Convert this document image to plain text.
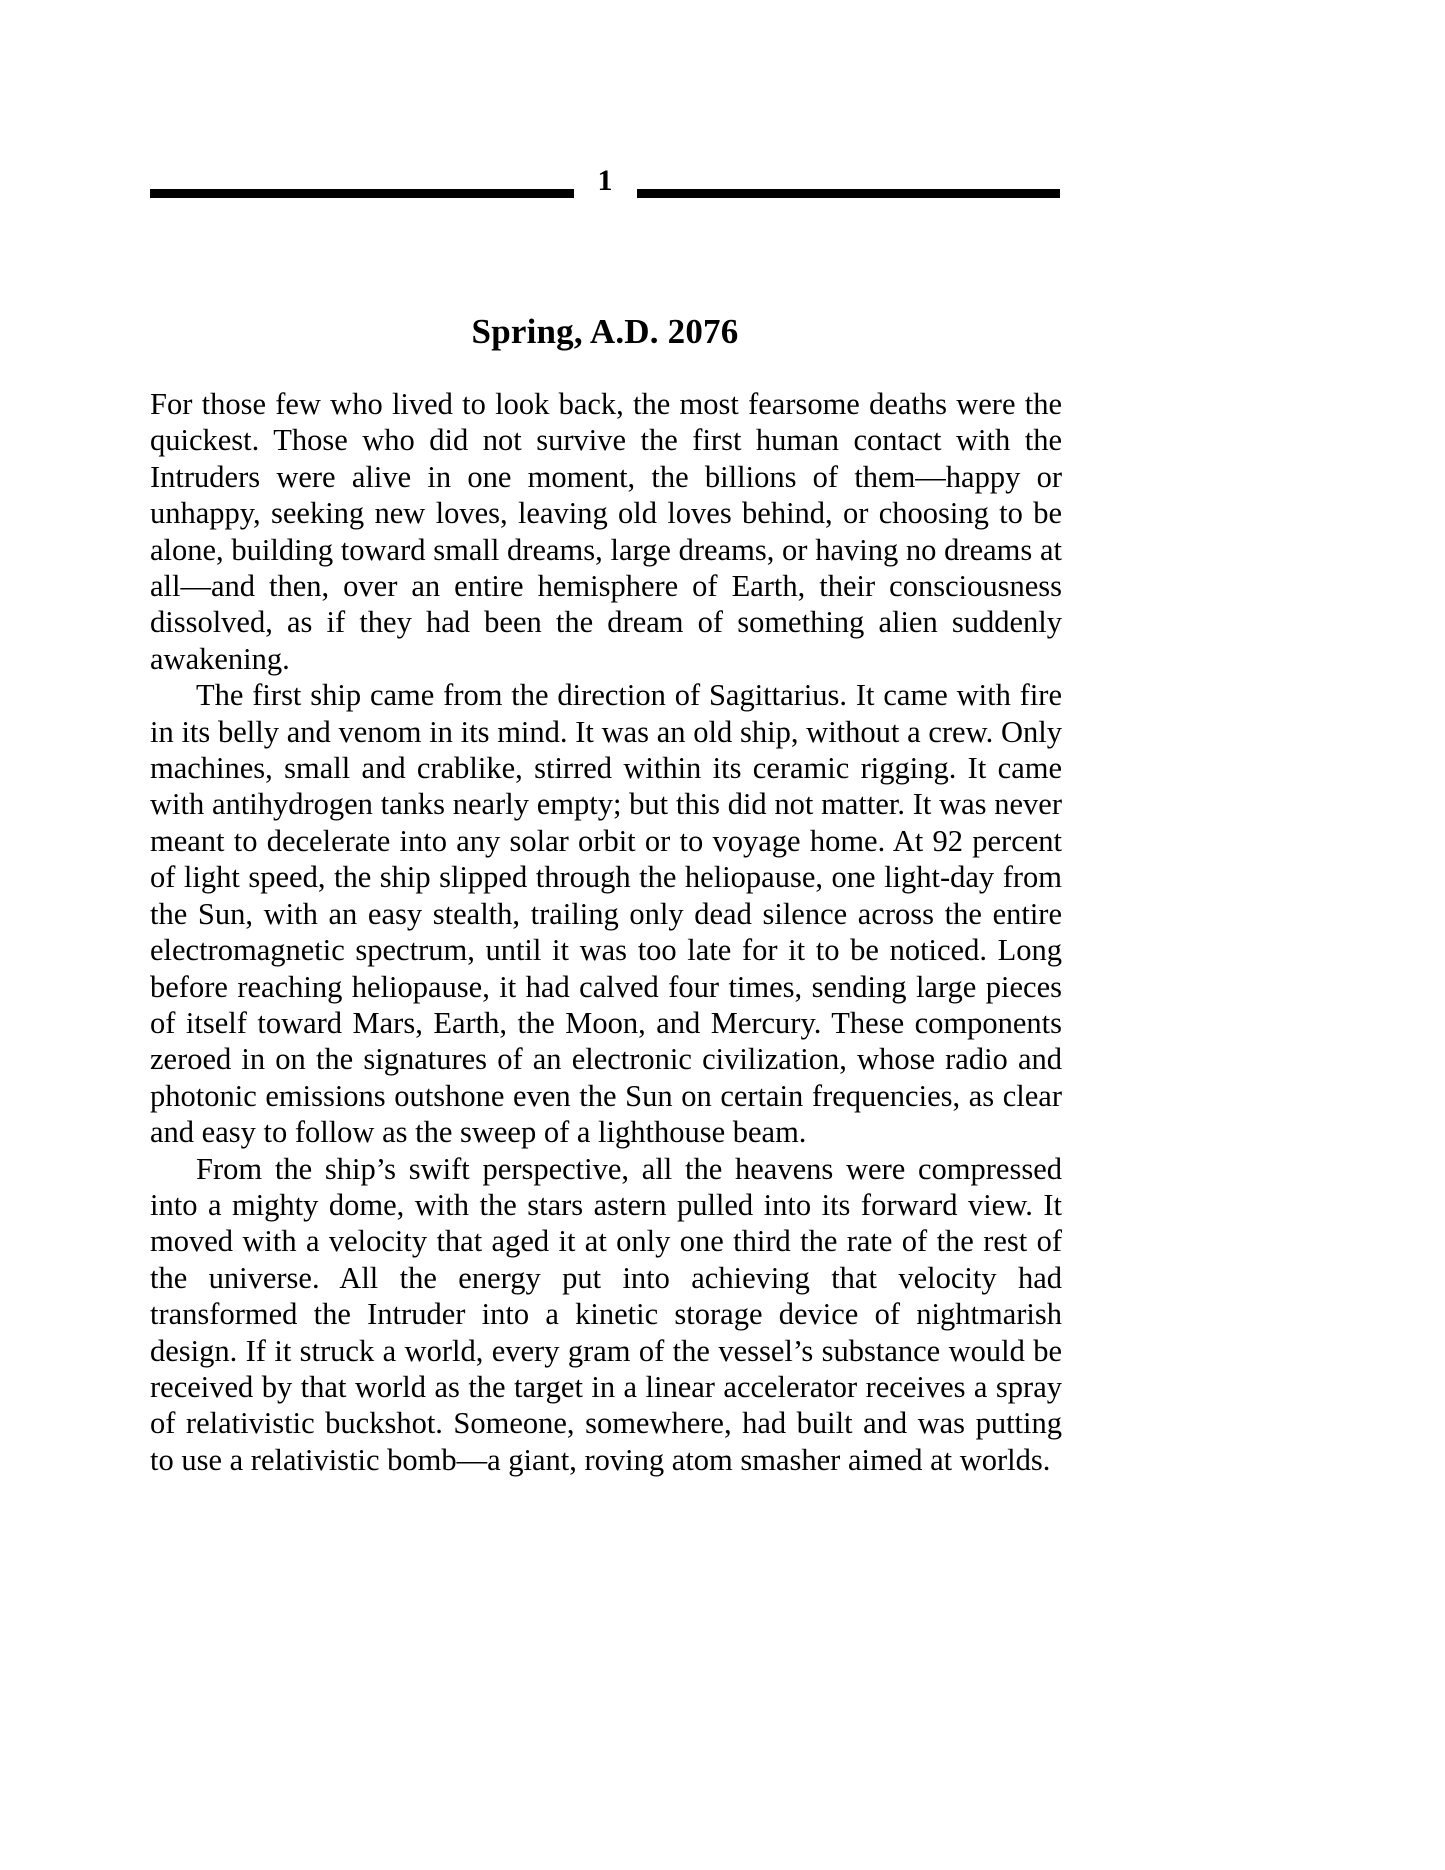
1
Spring, A.D. 2076

For those few who lived to look back, the most fearsome deaths were the quickest. Those who did not survive the first human contact with the Intruders were alive in one moment, the billions of them—happy or unhappy, seeking new loves, leaving old loves behind, or choosing to be alone, building toward small dreams, large dreams, or having no dreams at all—and then, over an entire hemisphere of Earth, their consciousness dissolved, as if they had been the dream of something alien suddenly awakening.

The first ship came from the direction of Sagittarius. It came with fire in its belly and venom in its mind. It was an old ship, without a crew. Only machines, small and crablike, stirred within its ceramic rigging. It came with antihydrogen tanks nearly empty; but this did not matter. It was never meant to decelerate into any solar orbit or to voyage home. At 92 percent of light speed, the ship slipped through the heliopause, one light-day from the Sun, with an easy stealth, trailing only dead silence across the entire electromagnetic spectrum, until it was too late for it to be noticed. Long before reaching heliopause, it had calved four times, sending large pieces of itself toward Mars, Earth, the Moon, and Mercury. These components zeroed in on the signatures of an electronic civilization, whose radio and photonic emissions outshone even the Sun on certain frequencies, as clear and easy to follow as the sweep of a lighthouse beam.

From the ship’s swift perspective, all the heavens were compressed into a mighty dome, with the stars astern pulled into its forward view. It moved with a velocity that aged it at only one third the rate of the rest of the universe. All the energy put into achieving that velocity had transformed the Intruder into a kinetic storage device of nightmarish design. If it struck a world, every gram of the vessel’s substance would be received by that world as the target in a linear accelerator receives a spray of relativistic buckshot. Someone, somewhere, had built and was putting to use a relativistic bomb—a giant, roving atom smasher aimed at worlds.
